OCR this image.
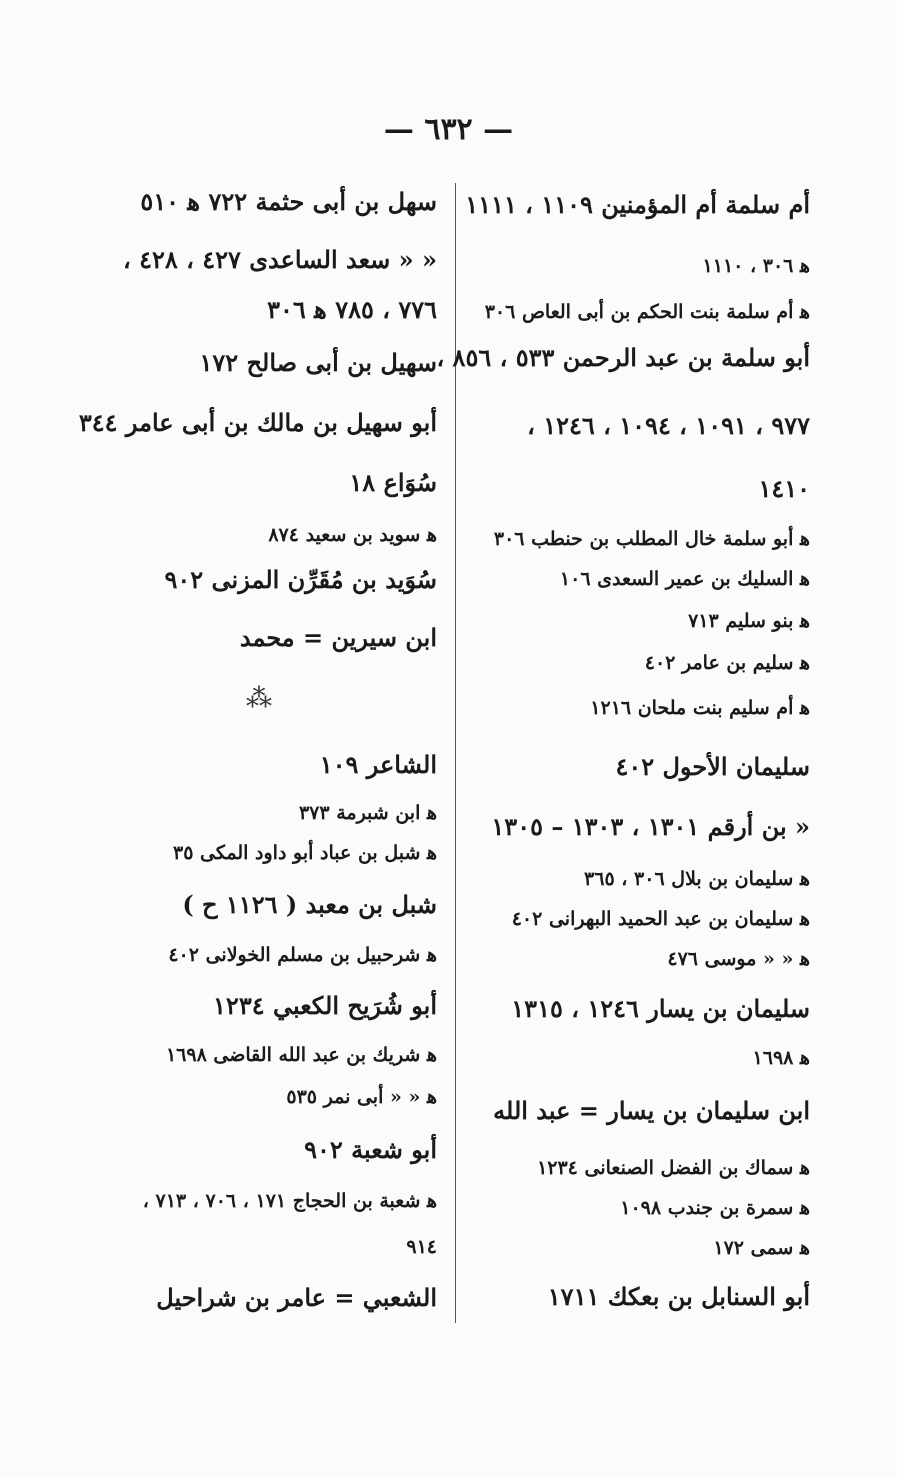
— ٦٣٢ —
⁂
أم سلمة أم المؤمنين ١١٠٩ ، ١١١١
ﻫ ٣٠٦ ، ١١١٠
ﻫ أم سلمة بنت الحكم بن أبى العاص ٣٠٦
أبو سلمة بن عبد الرحمن ٥٣٣ ، ٨٥٦ ،
٩٧٧ ، ١٠٩١ ، ١٠٩٤ ، ١٢٤٦ ،
١٤١٠
ﻫ أبو سلمة خال المطلب بن حنطب ٣٠٦
ﻫ السليك بن عمير السعدى ١٠٦
ﻫ بنو سليم ٧١٣
ﻫ سليم بن عامر ٤٠٢
ﻫ أم سليم بنت ملحان ١٢١٦
سليمان الأحول ٤٠٢
« بن أرقم ١٣٠١ ، ١٣٠٣ – ١٣٠٥
ﻫ سليمان بن بلال ٣٠٦ ، ٣٦٥
ﻫ سليمان بن عبد الحميد البهرانى ٤٠٢
ﻫ « « موسى ٤٧٦
سليمان بن يسار ١٢٤٦ ، ١٣١٥
ﻫ ١٦٩٨
ابن سليمان بن يسار = عبد الله
ﻫ سماك بن الفضل الصنعانى ١٢٣٤
ﻫ سمرة بن جندب ١٠٩٨
ﻫ سمى ١٧٢
أبو السنابل بن بعكك ١٧١١
سهل بن أبى حثمة ٧٢٢ ﻫ ٥١٠
« « سعد الساعدى ٤٢٧ ، ٤٢٨ ،
٧٧٦ ، ٧٨٥ ﻫ ٣٠٦
سهيل بن أبى صالح ١٧٢
أبو سهيل بن مالك بن أبى عامر ٣٤٤
سُوَاع ١٨
ﻫ سويد بن سعيد ٨٧٤
سُوَيد بن مُقَرِّن المزنى ٩٠٢
ابن سيرين = محمد
الشاعر ١٠٩
ﻫ ابن شبرمة ٣٧٣
ﻫ شبل بن عباد أبو داود المكى ٣٥
شبل بن معبد ( ١١٢٦ ح )
ﻫ شرحبيل بن مسلم الخولانى ٤٠٢
أبو شُرَيح الكعبي ١٢٣٤
ﻫ شريك بن عبد الله القاضى ١٦٩٨
ﻫ « « أبى نمر ٥٣٥
أبو شعبة ٩٠٢
ﻫ شعبة بن الحجاج ١٧١ ، ٧٠٦ ، ٧١٣ ،
٩١٤
الشعبي = عامر بن شراحيل
